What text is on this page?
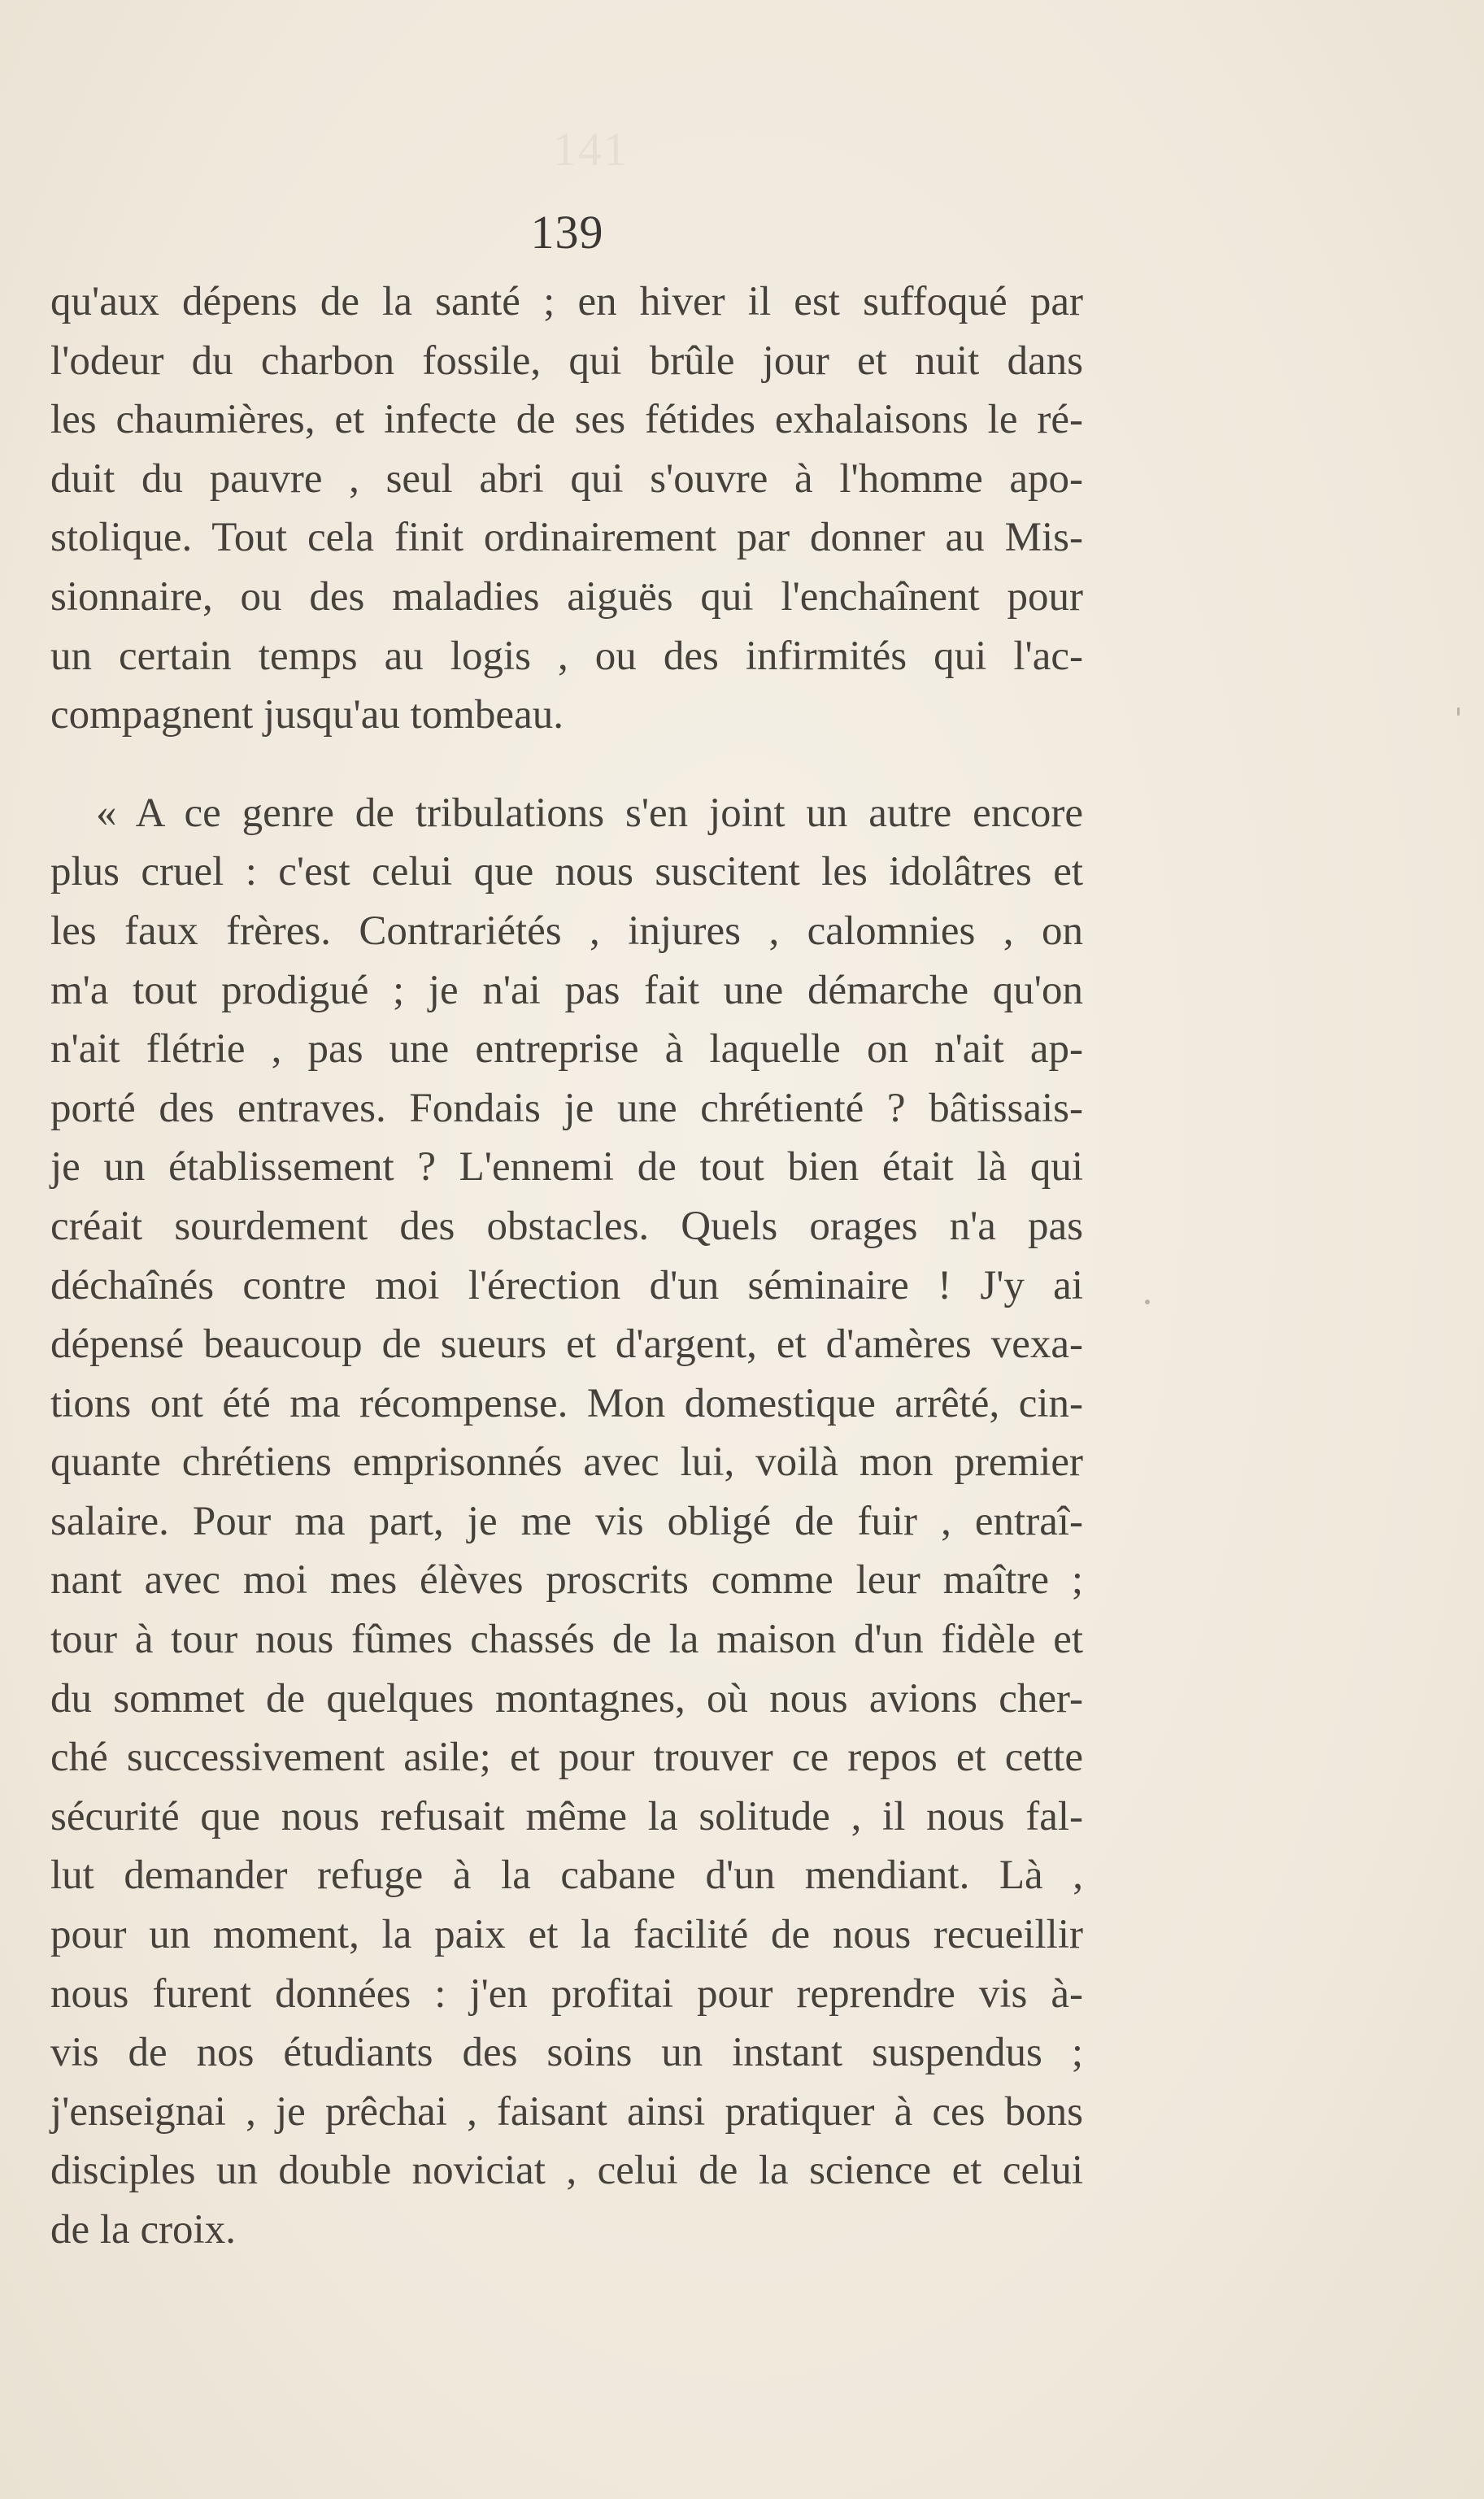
141
139
qu'aux dépens de la santé ; en hiver il est suffoqué par
l'odeur du charbon fossile, qui brûle jour et nuit dans
les chaumières, et infecte de ses fétides exhalaisons le ré-
duit du pauvre , seul abri qui s'ouvre à l'homme apo-
stolique. Tout cela finit ordinairement par donner au Mis-
sionnaire, ou des maladies aiguës qui l'enchaînent pour
un certain temps au logis , ou des infirmités qui l'ac-
compagnent jusqu'au tombeau.
« A ce genre de tribulations s'en joint un autre encore
plus cruel : c'est celui que nous suscitent les idolâtres et
les faux frères. Contrariétés , injures , calomnies , on
m'a tout prodigué ; je n'ai pas fait une démarche qu'on
n'ait flétrie , pas une entreprise à laquelle on n'ait ap-
porté des entraves. Fondais je une chrétienté ? bâtissais-
je un établissement ? L'ennemi de tout bien était là qui
créait sourdement des obstacles. Quels orages n'a pas
déchaînés contre moi l'érection d'un séminaire ! J'y ai
dépensé beaucoup de sueurs et d'argent, et d'amères vexa-
tions ont été ma récompense. Mon domestique arrêté, cin-
quante chrétiens emprisonnés avec lui, voilà mon premier
salaire. Pour ma part, je me vis obligé de fuir , entraî-
nant avec moi mes élèves proscrits comme leur maître ;
tour à tour nous fûmes chassés de la maison d'un fidèle et
du sommet de quelques montagnes, où nous avions cher-
ché successivement asile; et pour trouver ce repos et cette
sécurité que nous refusait même la solitude , il nous fal-
lut demander refuge à la cabane d'un mendiant. Là ,
pour un moment, la paix et la facilité de nous recueillir
nous furent données : j'en profitai pour reprendre vis à-
vis de nos étudiants des soins un instant suspendus ;
j'enseignai , je prêchai , faisant ainsi pratiquer à ces bons
disciples un double noviciat , celui de la science et celui
de la croix.
